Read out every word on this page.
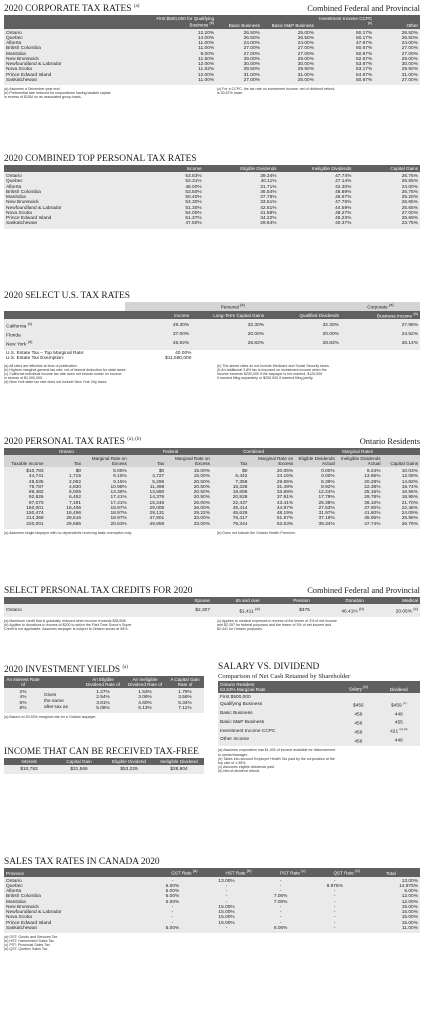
2020 CORPORATE TAX RATES $^{(a)}$	Combined Federal and Provincial
	First $500,000 for Qualifying Business $^{(b)}$	Basic Business	Basic M&P Business	Investment Income CCPC $^{(c)}$	Other
Ontario	12.20%	26.50%	25.00%	50.17%	26.50%
Quebec	14.00%	26.50%	26.50%	50.17%	26.50%
Alberta	11.00%	24.00%	24.00%	47.67%	24.00%
British Columbia	11.00%	27.00%	27.00%	50.67%	27.00%
Manitoba	9.00%	27.00%	27.00%	50.67%	27.00%
New Brunswick	11.50%	29.00%	29.00%	52.67%	29.00%
Newfoundland & Labrador	12.00%	30.00%	30.00%	53.67%	30.00%
Nova Scotia	11.62%	29.50%	29.50%	53.17%	29.50%
Prince Edward Island	12.00%	31.00%	31.00%	54.67%	31.00%
Saskatchewan	11.00%	27.00%	25.00%	50.67%	27.00%
(a) Assumes a December year end.
(b) Preferential rate reduced for corporations having taxable capital
in excess of $10M on an associated group basis.
(c) For a CCPC, the tax rate on investment income, net of dividend refund,
is 30.67% lower.
2020 COMBINED TOP PERSONAL TAX RATES
	Income	Eligible Dividends	Ineligible Dividends	Capital Gains
Ontario	53.53%	39.34%	47.74%	26.76%
Quebec	53.31%	40.11%	47.14%	26.65%
Alberta	48.00%	31.71%	42.30%	24.00%
British Columbia	53.50%	36.54%	48.89%	26.75%
Manitoba	50.40%	37.78%	46.67%	25.20%
New Brunswick	53.30%	33.51%	47.75%	26.65%
Newfoundland & Labrador	51.30%	42.61%	44.59%	25.65%
Nova Scotia	54.00%	41.58%	48.27%	27.00%
Prince Edward Island	51.37%	34.22%	45.23%	25.69%
Saskatchewan	47.50%	29.64%	40.37%	23.75%
2020 SELECT U.S. TAX RATES
	Personal $^{(a)}$			Corporate $^{(a)}$
	Income	Long-Term Capital Gains	Qualified Dividends	Business Income $^{(b)}$
California $^{(c)}$	49.30%	32.30%	32.30%	27.98%
Florida	37.00%	20.00%	20.00%	24.52%
New York $^{(d)}$	45.82%	28.82%	28.82%	26.14%
U.S. Estate Tax – Top Marginal Rate:	40.00%
U.S. Estate Tax Exemption:	$11,580,000
(a) All rates are effective at time of publication.
(b) Highest marginal general tax rate, net of federal deduction for state taxes
(c) California individual income tax rate does not include surtax on income
in excess of $1,000,000.
(d) New York state tax rate does not include New York City taxes.
(e) The above rates do not include Medicare and Social Security taxes.
(f) An additional 3.8% tax is imposed on investment income when the
income exceeds $200,000 if the taxpayer is not married, $125,000
if married filing separately or $250,000 if married filing jointly.
2020 PERSONAL TAX RATES $^{(a), (b)}$	Ontario Residents
Ontario			Federal		Combined		Marginal Rates		
Taxable Income	Tax	Marginal Rate on Excess	Tax	Marginal Rate on Excess	Tax	Marginal Rate on Excess	Eligible Dividends Actual	Ineligible Dividends Actual	Capital Gains
$10,783	$0	5.05%	$0	15.00%	$0	20.05%	0.00%	9.24%	10.03%
44,741	1,715	9.15%	4,727	15.00%	6,442	24.15%	0.00%	13.95%	12.08%
48,535	2,062	9.15%	5,296	20.50%	7,358	29.65%	6.39%	20.28%	14.83%
78,787	4,830	10.98%	11,498	20.50%	16,328	31.48%	8.92%	22.38%	15.74%
89,482	6,005	13.39%	13,690	20.50%	19,695	33.89%	12.24%	25.16%	16.95%
92,826	6,452	17.41%	14,376	20.50%	20,828	37.91%	17.79%	29.78%	18.95%
97,070	7,191	17.41%	15,246	26.00%	22,437	43.41%	25.38%	36.10%	21.70%
150,001	16,406	18.97%	29,008	26.00%	45,414	44.97%	27.53%	37.90%	22.48%
150,474	16,496	18.97%	29,131	29.22%	45,626	48.19%	31.97%	41.60%	24.09%
214,369	28,616	18.97%	47,801	33.00%	76,417	51.97%	37.19%	45.95%	25.98%
220,001	29,685	20.53%	49,659	33.00%	79,344	53.53%	39.34%	47.74%	26.76%
(a) Assumes single taxpayer with no dependents receiving basic exemption only.	(b) Does not include the Ontario Health Premium.
SELECT PERSONAL TAX CREDITS FOR 2020	Combined Federal and Provincial
	Spouse	65 and over	Pension	Donation	Medical
Ontario	$2,307	$1,411 $^{(a)}$	$375	46.41% $^{(b)}$	20.05% $^{(c)}$
(a) Maximum credit that is gradually reduced when income exceeds $38,508.
(b) Applies to donations in excess of $200 to which the First-Time Donor's Super
Credit is not applicable. Assumes taxpayer is subject to Ontario surtax at 56%.
(c) Applies to medical expenses in excess of the lesser of 3% of net income
and $2,397 for federal purposes and the lesser of 3% of net income and
$2,441 for Ontario purposes.
2020 INVESTMENT YIELDS $^{(a)}$
An Interest Rate of		An Eligible Dividend Rate of	An Ineligible Dividend Rate of	A Capital Gain Rate of
2%	Gives
the same
after-tax as	1.27%	1.53%	1.78%
4%		2.54%	3.06%	3.56%
6%		3.81%	4.60%	5.34%
8%		5.08%	6.13%	7.11%
(a) Based on 53.53% marginal rate for a Ontario taxpayer.
INCOME THAT CAN BE RECEIVED TAX-FREE
Interest	Capital Gain	Eligible Dividend	Ineligible Dividend
$10,783	$21,566	$53,229	$28,904
SALARY VS. DIVIDEND
Comparison of Net Cash Retained by Shareholder
Ontario Resident
53.53% Marginal Rate	Salary $^{(b)}$	Dividend
First $500,000		
Qualifying Business	$456	$459 $^{(c)}$
Basic Business	456	446
Basic M&P Business	456	455
Investment Income CCPC	456	421 $^{(c),(d)}$
Other Income	456	446
(a) Assumes corporation has $1,000 of income available for disbursement
to owner/manager.
(b) Takes into account Employer Health Tax paid by the corporation at the
top rate of 1.95%.
(c) Assumes eligible dividends paid.
(d) Net-of-dividend refund.
SALES TAX RATES IN CANADA 2020
Province	GST Rate $^{(a)}$	HST Rate $^{(b)}$	PST Rate $^{(c)}$	QST Rate $^{(d)}$	Total
Ontario	-	13.00%	-	-	13.00%
Quebec	5.00%	-	-	9.975%	14.975%
Alberta	5.00%	-	-	-	5.00%
British Columbia	5.00%	-	7.00%	-	12.00%
Manitoba	5.00%	-	7.00%	-	12.00%
New Brunswick	-	15.00%	-	-	15.00%
Newfoundland & Labrador	-	15.00%	-	-	15.00%
Nova Scotia	-	15.00%	-	-	15.00%
Prince Edward Island	-	15.00%	-	-	15.00%
Saskatchewan	5.00%	-	6.00%	-	11.00%
(a) GST: Goods and Services Tax
(b) HST: Harmonized Sales Tax
(c) PST: Provincial Sales Tax
(d) QST: Quebec Sales Tax
